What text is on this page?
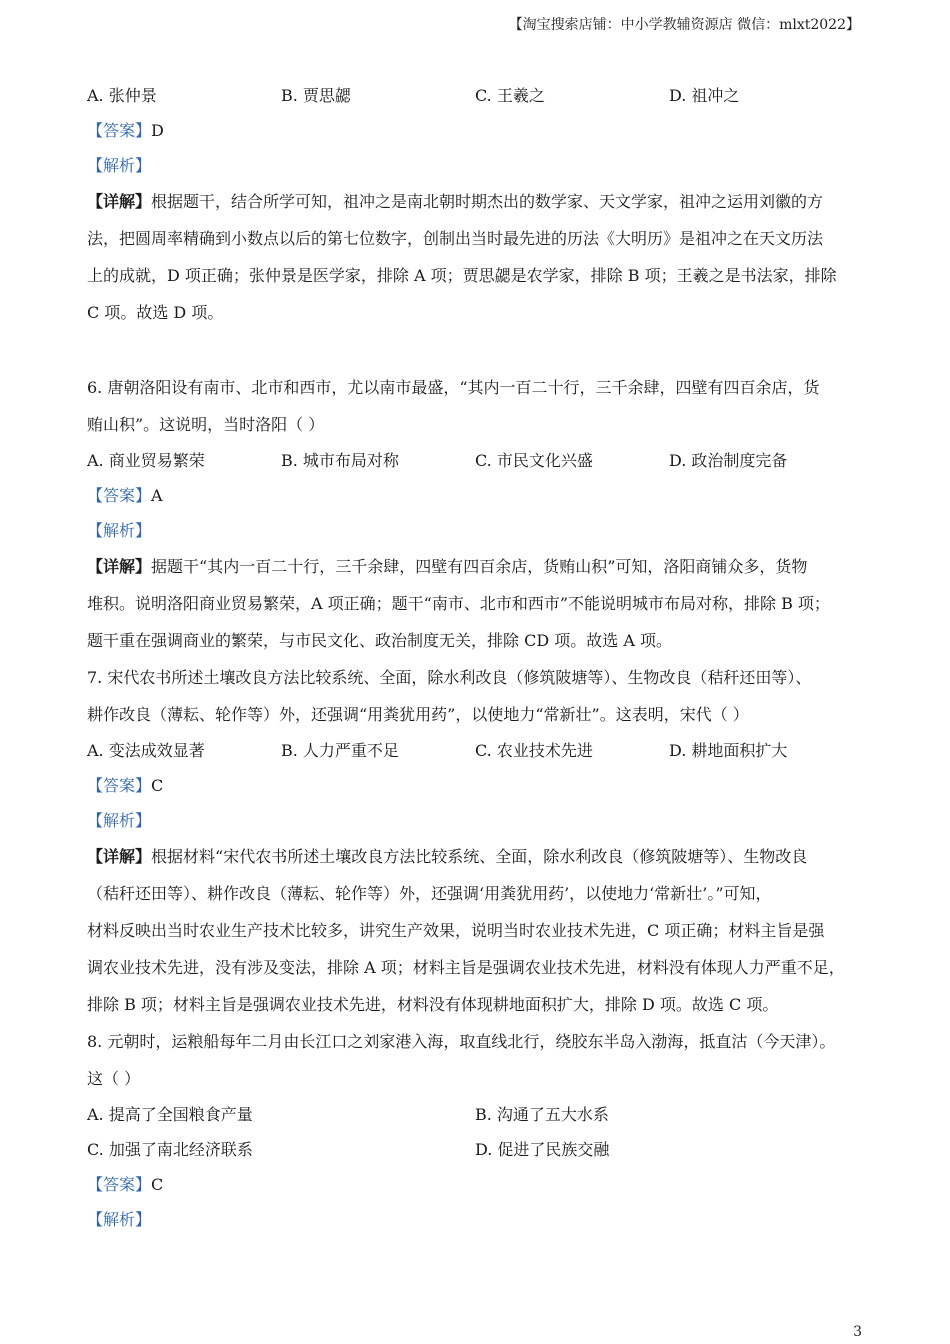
【淘宝搜索店铺：中小学教辅资源店 微信：mlxt2022】
A. 张仲景	B. 贾思勰	C. 王羲之	D. 祖冲之
【答案】D
【解析】
【详解】根据题干，结合所学可知，祖冲之是南北朝时期杰出的数学家、天文学家，祖冲之运用刘徽的方
法，把圆周率精确到小数点以后的第七位数字，创制出当时最先进的历法《大明历》是祖冲之在天文历法
上的成就，D 项正确；张仲景是医学家，排除 A 项；贾思勰是农学家，排除 B 项；王羲之是书法家，排除
C 项。故选 D 项。
6. 唐朝洛阳设有南市、北市和西市，尤以南市最盛，“其内一百二十行，三千余肆，四壁有四百余店，货
贿山积”。这说明，当时洛阳（ ）
A. 商业贸易繁荣	B. 城市布局对称	C. 市民文化兴盛	D. 政治制度完备
【答案】A
【解析】
【详解】据题干“其内一百二十行，三千余肆，四壁有四百余店，货贿山积”可知，洛阳商铺众多，货物
堆积。说明洛阳商业贸易繁荣，A 项正确；题干“南市、北市和西市”不能说明城市布局对称，排除 B 项；
题干重在强调商业的繁荣，与市民文化、政治制度无关，排除 CD 项。故选 A 项。
7. 宋代农书所述土壤改良方法比较系统、全面，除水利改良（修筑陂塘等）、生物改良（秸秆还田等）、
耕作改良（薄耘、轮作等）外，还强调“用粪犹用药”，以使地力“常新壮”。这表明，宋代（ ）
A. 变法成效显著	B. 人力严重不足	C. 农业技术先进	D. 耕地面积扩大
【答案】C
【解析】
【详解】根据材料“宋代农书所述土壤改良方法比较系统、全面，除水利改良（修筑陂塘等）、生物改良
（秸秆还田等）、耕作改良（薄耘、轮作等）外，还强调‘用粪犹用药’，以使地力‘常新壮’。”可知，
材料反映出当时农业生产技术比较多，讲究生产效果，说明当时农业技术先进，C 项正确；材料主旨是强
调农业技术先进，没有涉及变法，排除 A 项；材料主旨是强调农业技术先进，材料没有体现人力严重不足，
排除 B 项；材料主旨是强调农业技术先进，材料没有体现耕地面积扩大，排除 D 项。故选 C 项。
8. 元朝时，运粮船每年二月由长江口之刘家港入海，取直线北行，绕胶东半岛入渤海，抵直沽（今天津）。
这（ ）
A. 提高了全国粮食产量	B. 沟通了五大水系
C. 加强了南北经济联系	D. 促进了民族交融
【答案】C
【解析】
3
